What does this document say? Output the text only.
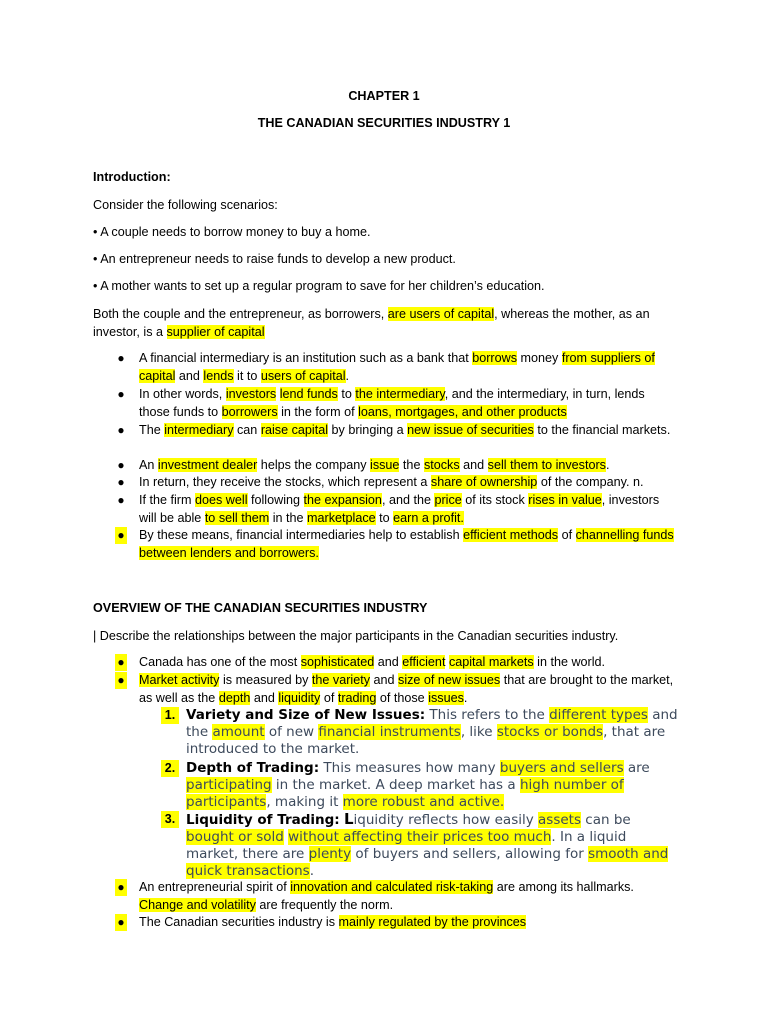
CHAPTER 1
THE CANADIAN SECURITIES INDUSTRY 1
Introduction:
Consider the following scenarios:
• A couple needs to borrow money to buy a home.
• An entrepreneur needs to raise funds to develop a new product.
• A mother wants to set up a regular program to save for her children’s education.
Both the couple and the entrepreneur, as borrowers, are users of capital, whereas the mother, as an investor, is a supplier of capital
● A financial intermediary is an institution such as a bank that borrows money from suppliers of capital and lends it to users of capital.
● In other words, investors lend funds to the intermediary, and the intermediary, in turn, lends those funds to borrowers in the form of loans, mortgages, and other products
● The intermediary can raise capital by bringing a new issue of securities to the financial markets.
● An investment dealer helps the company issue the stocks and sell them to investors.
● In return, they receive the stocks, which represent a share of ownership of the company. n.
● If the firm does well following the expansion, and the price of its stock rises in value, investors will be able to sell them in the marketplace to earn a profit.
● By these means, financial intermediaries help to establish efficient methods of channelling funds between lenders and borrowers.
OVERVIEW OF THE CANADIAN SECURITIES INDUSTRY
| Describe the relationships between the major participants in the Canadian securities industry.
● Canada has one of the most sophisticated and efficient capital markets in the world.
● Market activity is measured by the variety and size of new issues that are brought to the market, as well as the depth and liquidity of trading of those issues.
1. Variety and Size of New Issues: This refers to the different types and the amount of new financial instruments, like stocks or bonds, that are introduced to the market.
2. Depth of Trading: This measures how many buyers and sellers are participating in the market. A deep market has a high number of participants, making it more robust and active.
3. Liquidity of Trading: Liquidity reflects how easily assets can be bought or sold without affecting their prices too much. In a liquid market, there are plenty of buyers and sellers, allowing for smooth and quick transactions.
● An entrepreneurial spirit of innovation and calculated risk-taking are among its hallmarks. Change and volatility are frequently the norm.
● The Canadian securities industry is mainly regulated by the provinces
